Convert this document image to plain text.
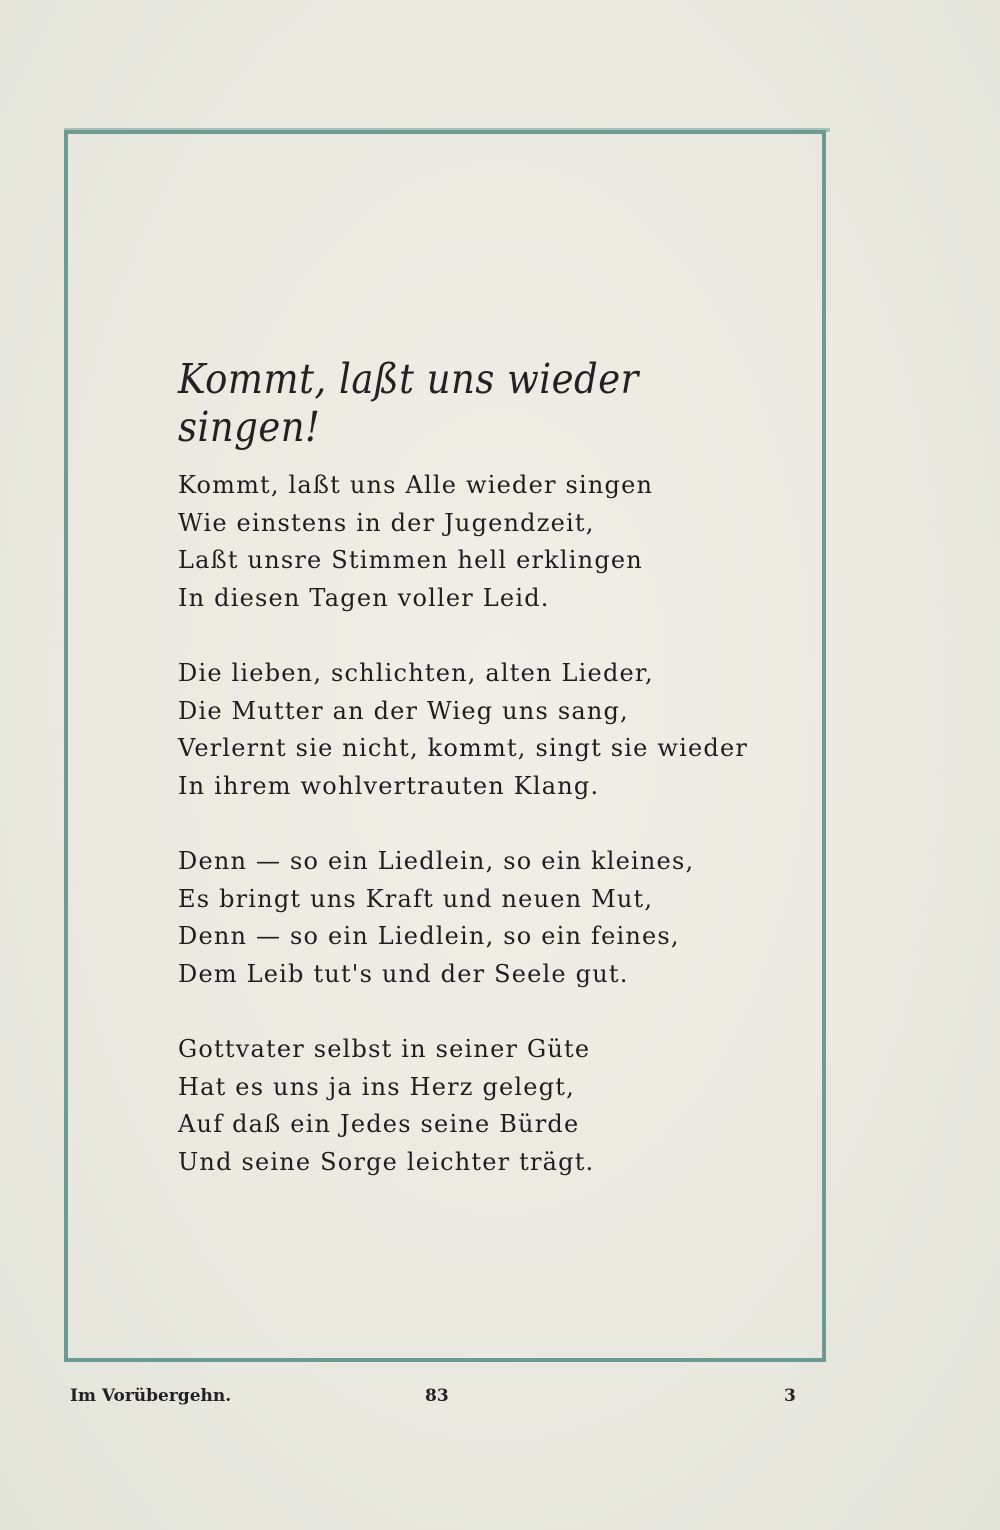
Kommt, laßt uns wieder singen!
Kommt, laßt uns Alle wieder singen
Wie einstens in der Jugendzeit,
Laßt unsre Stimmen hell erklingen
In diesen Tagen voller Leid.
Die lieben, schlichten, alten Lieder,
Die Mutter an der Wieg uns sang,
Verlernt sie nicht, kommt, singt sie wieder
In ihrem wohlvertrauten Klang.
Denn — so ein Liedlein, so ein kleines,
Es bringt uns Kraft und neuen Mut,
Denn — so ein Liedlein, so ein feines,
Dem Leib tut's und der Seele gut.
Gottvater selbst in seiner Güte
Hat es uns ja ins Herz gelegt,
Auf daß ein Jedes seine Bürde
Und seine Sorge leichter trägt.
Im Vorübergehn.	83	3
